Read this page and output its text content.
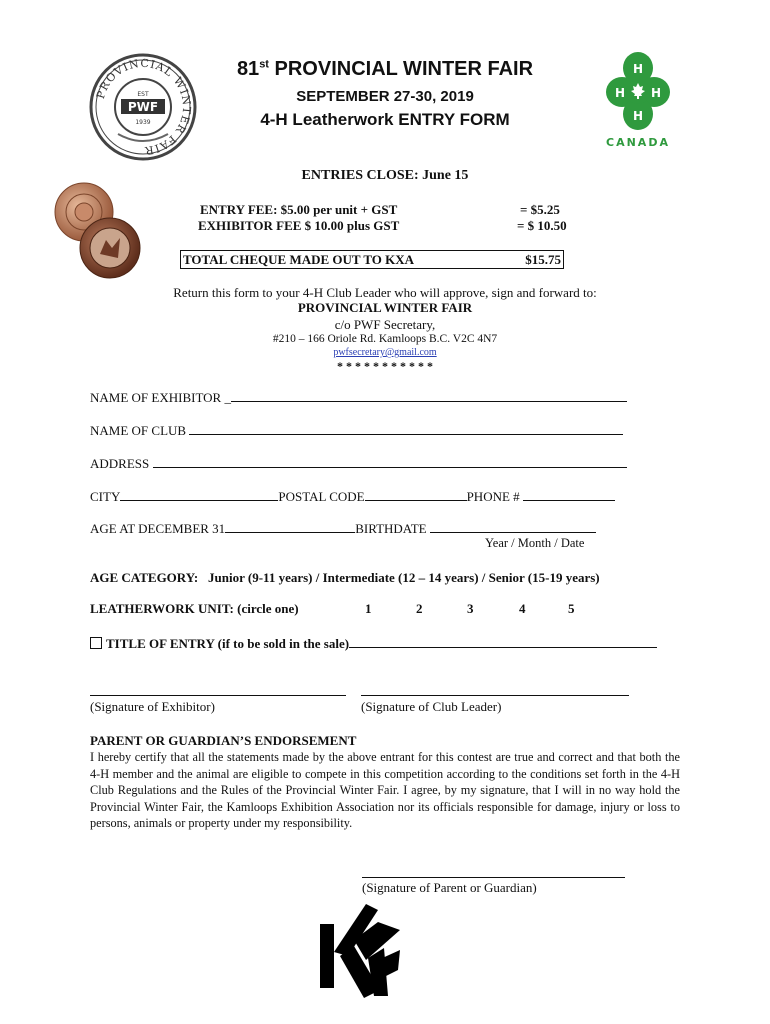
PROVINCIAL WINTER FAIR
EST
PWF
1939
H
H H
H
CANADA
81st PROVINCIAL WINTER FAIR
SEPTEMBER 27-30, 2019
4-H Leatherwork ENTRY FORM
ENTRIES CLOSE: June 15
ENTRY FEE: $5.00 per unit + GST	= $5.25
EXHIBITOR FEE $ 10.00 plus GST	= $ 10.50
TOTAL CHEQUE MADE OUT TO KXA	$15.75
Return this form to your 4-H Club Leader who will approve, sign and forward to:
PROVINCIAL WINTER FAIR
c/o PWF Secretary,
#210 – 166 Oriole Rd. Kamloops B.C. V2C 4N7
pwfsecretary@gmail.com
* * * * * * * * * * *
NAME OF EXHIBITOR _
NAME OF CLUB
ADDRESS
CITY	POSTAL CODE	PHONE #
AGE AT DECEMBER 31	BIRTHDATE
Year / Month / Date
AGE CATEGORY: Junior (9-11 years) / Intermediate (12 – 14 years) / Senior (15-19 years)
LEATHERWORK UNIT: (circle one)	1	2	3	4	5
TITLE OF ENTRY (if to be sold in the sale)
(Signature of Exhibitor)	(Signature of Club Leader)
PARENT OR GUARDIAN’S ENDORSEMENT
I hereby certify that all the statements made by the above entrant for this contest are true and correct and that both the 4-H member and the animal are eligible to compete in this competition according to the conditions set forth in the 4-H Club Regulations and the Rules of the Provincial Winter Fair. I agree, by my signature, that I will in no way hold the Provincial Winter Fair, the Kamloops Exhibition Association nor its officials responsible for damage, injury or loss to persons, animals or property under my responsibility.
(Signature of Parent or Guardian)
